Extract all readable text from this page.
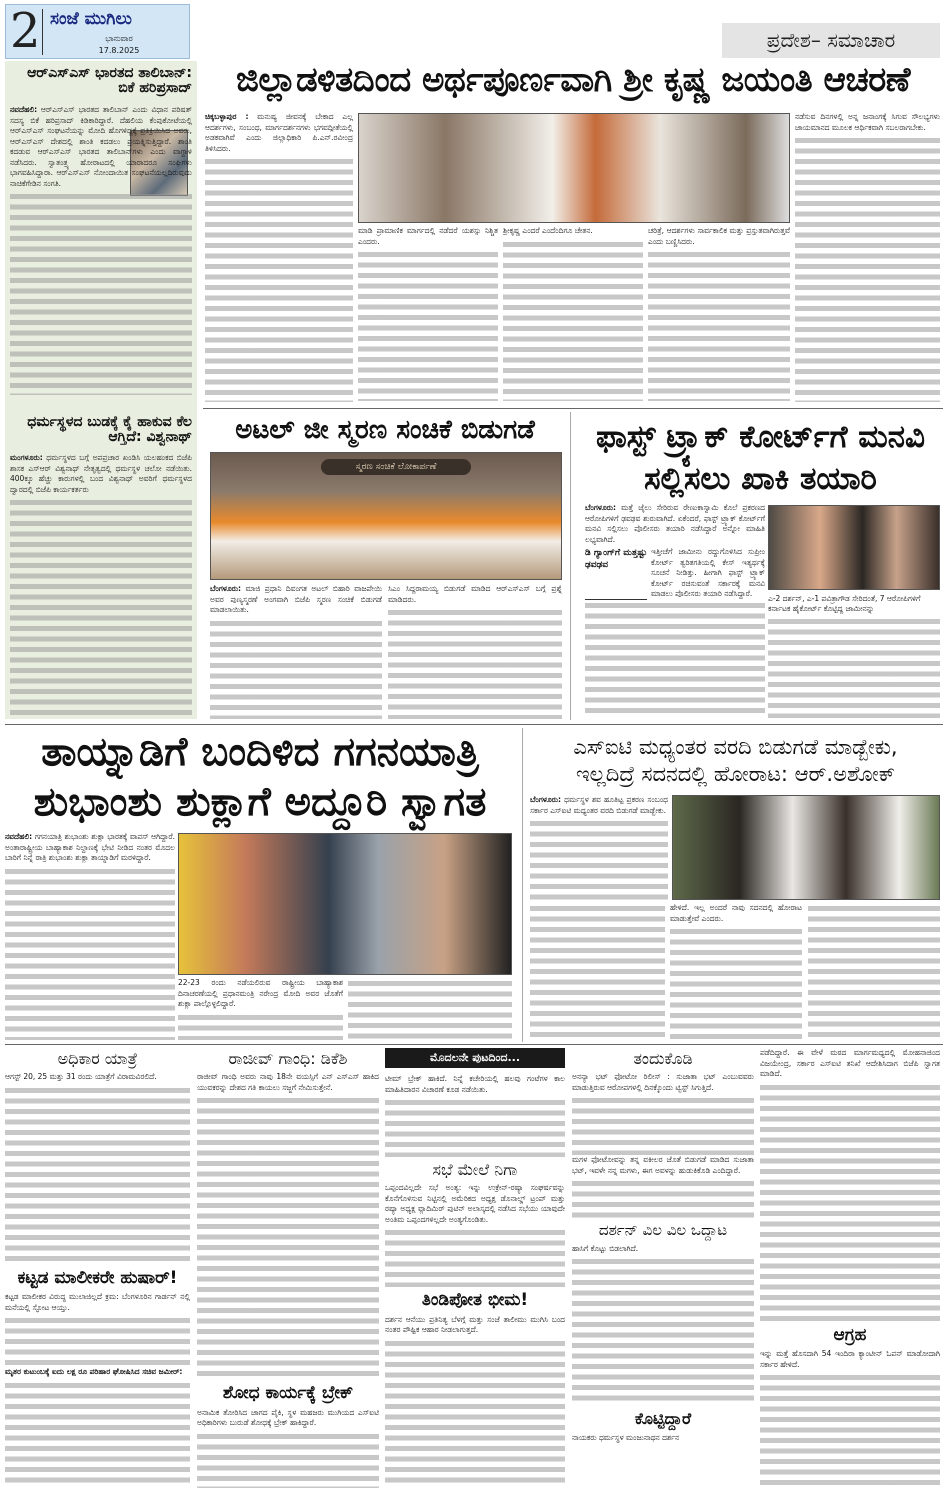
2 ಸಂಜೆ ಮುಗಿಲು
ಭಾನುವಾರ
17.8.2025	ಪ್ರದೇಶ– ಸಮಾಚಾರ
ಆರ್‌ಎಸ್‌ಎಸ್ ಭಾರತದ ತಾಲಿಬಾನ್: ಬಿಕೆ ಹರಿಪ್ರಸಾದ್

ನವದೆಹಲಿ: ಆರ್‌ಎಸ್‌ಎಸ್ ಭಾರತದ ತಾಲಿಬಾನ್ ಎಂದು ವಿಧಾನ ಪರಿಷತ್ ಸದಸ್ಯ ಬಿಕೆ ಹರಿಪ್ರಸಾದ್ ಕಿಡಿಕಾರಿದ್ದಾರೆ. ದೆಹಲಿಯ ಕೆಂಪುಕೋಟೆಯಲ್ಲಿ ಆರ್‌ಎಸ್‌ಎಸ್ ಸಂಘಟನೆಯನ್ನು ಮೋದಿ ಹೊಗಳಿದ್ದಕ್ಕೆ ಪ್ರತಿಕ್ರಿಯಿಸಿದ ಅವರು, ಆರ್‌ಎಸ್‌ಎಸ್ ದೇಶದಲ್ಲಿ ಶಾಂತಿ ಕದಡಲು ಪ್ರಯತ್ನಿಸುತ್ತಿದ್ದಾರೆ. ಶಾಂತಿ ಕದಡುವ ಆರ್‌ಎಸ್‌ಎಸ್ ಭಾರತದ ತಾಲಿಬಾನ್‌ಗಳು ಎಂದು ವಾಗ್ದಾಳಿ ನಡೆಸಿದರು. ಸ್ವಾತಂತ್ರ್ಯ ಹೋರಾಟದಲ್ಲಿ ಯಾರಾದರೂ ಸಂಘಿಗಳು ಭಾಗವಹಿಸಿದ್ದಾರಾ. ಆರ್‌ಎಸ್‌ಎಸ್ ನೋಂದಾಯಿತ ಸಂಘಟನೆಯಲ್ಲದಿರುವುದು ನಾಚಿಕೆಗೇಡಿನ ಸಂಗತಿ.

ಧರ್ಮಸ್ಥಳದ ಬುಡಕ್ಕೆ ಕೈ ಹಾಕುವ ಕೆಲ ಆಗ್ತಿದೆ: ವಿಶ್ವನಾಥ್

ಮಂಗಳೂರು: ಧರ್ಮಸ್ಥಳದ ಬಗ್ಗೆ ಅಪಪ್ರಚಾರ ಖಂಡಿಸಿ ಯಲಹಂಕದ ಬಿಜೆಪಿ ಶಾಸಕ ಎಸ್‌ಆರ್ ವಿಶ್ವನಾಥ್ ನೇತೃತ್ವದಲ್ಲಿ ಧರ್ಮಸ್ಥಳ ಚಲೋ ನಡೆಯಿತು. 400ಕ್ಕೂ ಹೆಚ್ಚು ಕಾರುಗಳಲ್ಲಿ ಬಂದ ವಿಶ್ವನಾಥ್ ಅವರಿಗೆ ಧರ್ಮಸ್ಥಳದ ದ್ವಾರದಲ್ಲಿ ಬಿಜೆಪಿ ಕಾರ್ಯಕರ್ತರು

ಜಿಲ್ಲಾಡಳಿತದಿಂದ ಅರ್ಥಪೂರ್ಣವಾಗಿ ಶ್ರೀ ಕೃಷ್ಣ ಜಯಂತಿ ಆಚರಣೆ

ಚಿಕ್ಕಬಳ್ಳಾಪುರ : ಮನುಷ್ಯ ಜೀವನಕ್ಕೆ ಬೇಕಾದ ಎಲ್ಲ ಆದರ್ಶಗಳು, ಸಂಬಂಧ, ಮಾರ್ಗದರ್ಶನಗಳು ಭಗವದ್ಗೀತೆಯಲ್ಲಿ ಅಡಕವಾಗಿವೆ ಎಂದು ಜಿಲ್ಲಾಧಿಕಾರಿ ಪಿ.ಎನ್.ರವೀಂದ್ರ ತಿಳಿಸಿದರು.

ಮಾಡಿ ಪ್ರಾಮಾಣಿಕ ಮಾರ್ಗದಲ್ಲಿ ನಡೆದರೆ ಯಶಸ್ಸು ನಿಶ್ಚಿತ ಎಂದರು.

ಶ್ರೀಕೃಷ್ಣ ಎಂದರೆ ಎಂದೆಂದಿಗೂ ಚೇತನ.	ಚರಿತ್ರೆ, ಆದರ್ಶಗಳು ಸಾರ್ವಕಾಲಿಕ ಮತ್ತು ಪ್ರಸ್ತುತವಾಗಿರುತ್ತವೆ ಎಂದು ಬಣ್ಣಿಸಿದರು.

ನಡೆಸುವ ದಿನಗಳಲ್ಲಿ ಅನ್ನ ಜನಾಂಗಕ್ಕೆ ಸಿಗುವ ಸೌಲಭ್ಯಗಳು ಜಾಯಮಾನದ ಮೂಲಕ ಆರ್ಥಿಕವಾಗಿ ಸಬಲರಾಗಬೇಕು.

ಅಟಲ್ ಜೀ ಸ್ಮರಣ ಸಂಚಿಕೆ ಬಿಡುಗಡೆ
ಸ್ಮರಣ ಸಂಚಿಕೆ ಲೋಕಾರ್ಪಣೆ

ಬೆಂಗಳೂರು: ಮಾಜಿ ಪ್ರಧಾನಿ ದಿವಂಗತ ಅಟಲ್ ಬಿಹಾರಿ ವಾಜಪೇಯಿ ಅವರ ಪುಣ್ಯಸ್ಮರಣೆ ಅಂಗವಾಗಿ ಬಿಜೆಪಿ ಸ್ಮರಣ ಸಂಚಿಕೆ ಬಿಡುಗಡೆ ಮಾಡಲಾಯಿತು.

ಸಿಎಂ ಸಿದ್ದರಾಮಯ್ಯ ಬಿಡುಗಡೆ ಮಾಡಿದ ಆರ್‌ಎಸ್‌ಎಸ್ ಬಗ್ಗೆ ಪ್ರಶ್ನೆ ಮಾಡಿದರು.

ಫಾಸ್ಟ್ ಟ್ರ್ಯಾಕ್ ಕೋರ್ಟ್‌ಗೆ ಮನವಿ ಸಲ್ಲಿಸಲು ಖಾಕಿ ತಯಾರಿ

ಬೆಂಗಳೂರು: ಮತ್ತೆ ಜೈಲು ಸೇರಿರುವ ರೇಣುಕಾಸ್ವಾಮಿ ಕೊಲೆ ಪ್ರಕರಣದ ಆರೋಪಿಗಳಿಗೆ ಢವಢವ ಶುರುವಾಗಿದೆ. ಏಕೆಂದರೆ, ಫಾಸ್ಟ್ ಟ್ರ್ಯಾಕ್ ಕೋರ್ಟ್‌ಗೆ ಮನವಿ ಸಲ್ಲಿಸಲು ಪೊಲೀಸರು ತಯಾರಿ ನಡೆಸಿದ್ದಾರೆ ಅನ್ನೋ ಮಾಹಿತಿ ಲಭ್ಯವಾಗಿದೆ.

ಡಿ ಗ್ಯಾಂಗ್‌ಗೆ ಮತ್ತಷ್ಟು ಢವಢವ
ಇತ್ತೀಚೆಗೆ ಜಾಮೀನು ರದ್ದುಗೊಳಿಸಿದ ಸುಪ್ರೀಂ ಕೋರ್ಟ್ ತ್ವರಿತಗತಿಯಲ್ಲಿ ಕೇಸ್ ಇತ್ಯರ್ಥಕ್ಕೆ ಸೂಚನೆ ನೀಡಿತ್ತು. ಹೀಗಾಗಿ ಫಾಸ್ಟ್ ಟ್ರ್ಯಾಕ್ ಕೋರ್ಟ್ ರಚಿಸುವಂತೆ ಸರ್ಕಾರಕ್ಕೆ ಮನವಿ ಮಾಡಲು ಪೊಲೀಸರು ತಯಾರಿ ನಡೆಸಿದ್ದಾರೆ.
ಎ-2 ದರ್ಶನ್, ಎ-1 ಪವಿತ್ರಾಗೌಡ ಸೇರಿದಂತೆ, 7 ಆರೋಪಿಗಳಿಗೆ ಕರ್ನಾಟಕ ಹೈಕೋರ್ಟ್ ಕೊಟ್ಟಿದ್ದ ಜಾಮೀನನ್ನು
ತಾಯ್ನಾಡಿಗೆ ಬಂದಿಳಿದ ಗಗನಯಾತ್ರಿ
ಶುಭಾಂಶು ಶುಕ್ಲಾಗೆ ಅದ್ದೂರಿ ಸ್ವಾಗತ

ನವದೆಹಲಿ: ಗಗನಯಾತ್ರಿ ಶುಭಾಂಶು ಶುಕ್ಲಾ ಭಾರತಕ್ಕೆ ವಾಪಸ್ ಆಗಿದ್ದಾರೆ. ಅಂತಾರಾಷ್ಟ್ರೀಯ ಬಾಹ್ಯಾಕಾಶ ನಿಲ್ದಾಣಕ್ಕೆ ಭೇಟಿ ನೀಡಿದ ನಂತರ ಮೊದಲ ಬಾರಿಗೆ ನಿನ್ನೆ ರಾತ್ರಿ ಶುಭಾಂಶು ಶುಕ್ಲಾ ತಾಯ್ನಾಡಿಗೆ ಮರಳಿದ್ದಾರೆ.

22-23 ರಂದು ನಡೆಯಲಿರುವ ರಾಷ್ಟ್ರೀಯ ಬಾಹ್ಯಾಕಾಶ ದಿನಾಚರಣೆಯಲ್ಲಿ ಪ್ರಧಾನಮಂತ್ರಿ ನರೇಂದ್ರ ಮೋದಿ ಅವರ ಜೊತೆಗೆ ಶುಕ್ಲಾ ಪಾಲ್ಗೊಳ್ಳಲಿದ್ದಾರೆ.

ಎಸ್‌ಐಟಿ ಮಧ್ಯಂತರ ವರದಿ ಬಿಡುಗಡೆ ಮಾಡ್ಬೇಕು,
ಇಲ್ಲದಿದ್ರೆ ಸದನದಲ್ಲಿ ಹೋರಾಟ: ಆರ್.ಅಶೋಕ್

ಬೆಂಗಳೂರು: ಧರ್ಮಸ್ಥಳ ಶವ ಹೂತಿಟ್ಟ ಪ್ರಕರಣ ಸಂಬಂಧ ಸರ್ಕಾರ ಎಸ್‌ಐಟಿ ಮಧ್ಯಂತರ ವರದಿ ಬಿಡುಗಡೆ ಮಾಡ್ಬೇಕು.

ಹೇಳಿದೆ. ಇಲ್ಲ ಅಂದರೆ ನಾವು ಸದನದಲ್ಲಿ ಹೋರಾಟ ಮಾಡುತ್ತೇವೆ ಎಂದರು.

ಅಧಿಕಾರ ಯಾತ್ರೆ

ಆಗಸ್ಟ್ 20, 25 ಮತ್ತು 31 ರಂದು ಯಾತ್ರೆಗೆ ವಿರಾಮವಿರಲಿದೆ.

ಕಟ್ಟಡ ಮಾಲೀಕರೇ ಹುಷಾರ್!

ಕಟ್ಟಡ ಮಾಲೀಕರ ವಿರುದ್ಧ ಮುಲಾಜಿಲ್ಲದೆ ಕ್ರಮ: ಬೆಂಗಳೂರಿನ ಗಾರ್ಡನ್ ನಲ್ಲಿ ಮನೆಯಲ್ಲಿ ಸ್ಫೋಟ ಆಯ್ತು.

ಮೃತರ ಕುಟುಂಬಕ್ಕೆ ಐದು ಲಕ್ಷ ರೂ ಪರಿಹಾರ ಘೋಷಿಸಿದ ಸಚಿವ ಜಮೀರ್:

ರಾಜೀವ್ ಗಾಂಧಿ: ಡಿಕೆಶಿ

ರಾಜೀವ್ ಗಾಂಧಿ ಅವರು ನಾವು 18ನೇ ವಯಸ್ಸಿಗೆ ಎನ್ ಎಸ್‌ಎಸ್ ಹಾಕಿದ ಯುವಕರನ್ನು ದೇಶದ ಗತಿ ಕಾಯಲು ಸಜ್ಜಗೆ ನೇಮಿಸುತ್ತೇನೆ.

ಶೋಧ ಕಾರ್ಯಕ್ಕೆ ಬ್ರೇಕ್

ಅನಾಮಿಕ ತೋರಿಸಿದ ಜಾಗದ ಪೈಕಿ, ಸ್ಥಳ ಮಹಜರು ಮುಗಿಯದ ಎಸ್‌ಐಟಿ ಅಧಿಕಾರಿಗಳು ಬುರುಡೆ ಶೋಧಕ್ಕೆ ಬ್ರೇಕ್ ಹಾಕಿದ್ದಾರೆ.

ಮೊದಲನೇ ಪುಟದಿಂದ...

ಟೀಮ್ ಬ್ರೇಕ್ ಹಾಕಿದೆ. ನಿನ್ನೆ ಕಚೇರಿಯಲ್ಲಿ ಹಲವು ಗಂಟೆಗಳ ಕಾಲ ಮಾಹಿತಿದಾರನ ವಿಚಾರಣೆ ಕೂಡ ನಡೆಯಿತು.

ಸಭೆ ಮೇಲೆ ನಿಗಾ

ಒಪ್ಪಂದವಿಲ್ಲದೇ ಸಭೆ ಅಂತ್ಯ: ಇನ್ನು ಉಕ್ರೇನ್-ರಷ್ಯಾ ಸಂಘರ್ಷವನ್ನು ಕೊನೆಗೊಳಿಸುವ ನಿಟ್ಟಿನಲ್ಲಿ ಅಮೆರಿಕದ ಅಧ್ಯಕ್ಷ ಡೊನಾಲ್ಡ್ ಟ್ರಂಪ್ ಮತ್ತು ರಷ್ಯಾ ಅಧ್ಯಕ್ಷ ವ್ಲಾದಿಮಿರ್ ಪುಟಿನ್ ಅಲಾಸ್ಕದಲ್ಲಿ ನಡೆಸಿದ ಸಭೆಯು ಯಾವುದೇ ಅಂತಿಮ ಒಪ್ಪಂದಗಳಿಲ್ಲದೇ ಅಂತ್ಯಗೊಂಡಿತು.

ತಿಂಡಿಪೋತ ಭೀಮ!

ದರ್ಶನ ಆನೆಯು ಪ್ರತಿನಿತ್ಯ ಬೆಳಗ್ಗೆ ಮತ್ತು ಸಂಜೆ ತಾಲೀಮು ಮುಗಿಸಿ ಬಂದ ನಂತರ ಪೌಷ್ಟಿಕ ಆಹಾರ ನೀಡಲಾಗುತ್ತದೆ.

ತಂದುಕೊಡಿ

ಅನನ್ಯಾ ಭಟ್ ಫೋಟೋ ರಿಲೀಸ್ : ಸುಜಾತಾ ಭಟ್ ಎಂಬುವವರು ಮಾಡುತ್ತಿರುವ ಆರೋಪಗಳಲ್ಲಿ ದಿನಕ್ಕೊಂದು ಟ್ವಿಸ್ಟ್ ಸಿಗುತ್ತಿದೆ.

ಮಗಳ ಫೋಟೋವನ್ನು ತನ್ನ ವಕೀಲರ ಜೊತೆ ಬಿಡುಗಡೆ ಮಾಡಿದ ಸುಜಾತಾ ಭಟ್, ಇವಳೇ ನನ್ನ ಮಗಳು, ಈಗ ಅವಳನ್ನು ಹುಡುಕಿಕೊಡಿ ಎಂದಿದ್ದಾರೆ.

ದರ್ಶನ್ ವಿಲ ವಿಲ ಒದ್ದಾಟ

ಹಾಸಿಗೆ ಕೊಟ್ಟು ಬಿಡಲಾಗಿದೆ.

ಕೊಟ್ಟಿದ್ದಾರೆ

ನಾಯಕರು ಧರ್ಮಸ್ಥಳ ಮಂಜುನಾಥನ ದರ್ಶನ

ಪಡೆದಿದ್ದಾರೆ. ಈ ವೇಳೆ ಮಠದ ಮಾರ್ಗಮಧ್ಯದಲ್ಲಿ ಮೋಹನಾಜಿಂದ ವಿಜಯೇಂದ್ರ, ಸರ್ಕಾರ ಎಸ್‌ಐಟಿ ತನಿಖೆ ಆದೇಶಿಸಿದಾಗ ಬಿಜೆಪಿ ಸ್ವಾಗತ ಮಾಡಿದೆ.

ಆಗ್ರಹ

ಇನ್ನು ಮತ್ತೆ ಹೊಸದಾಗಿ 54 ಇಂದಿರಾ ಕ್ಯಾಂಟೀನ್ ಓಪನ್ ಮಾಡೋದಾಗಿ ಸರ್ಕಾರ ಹೇಳಿದೆ.
